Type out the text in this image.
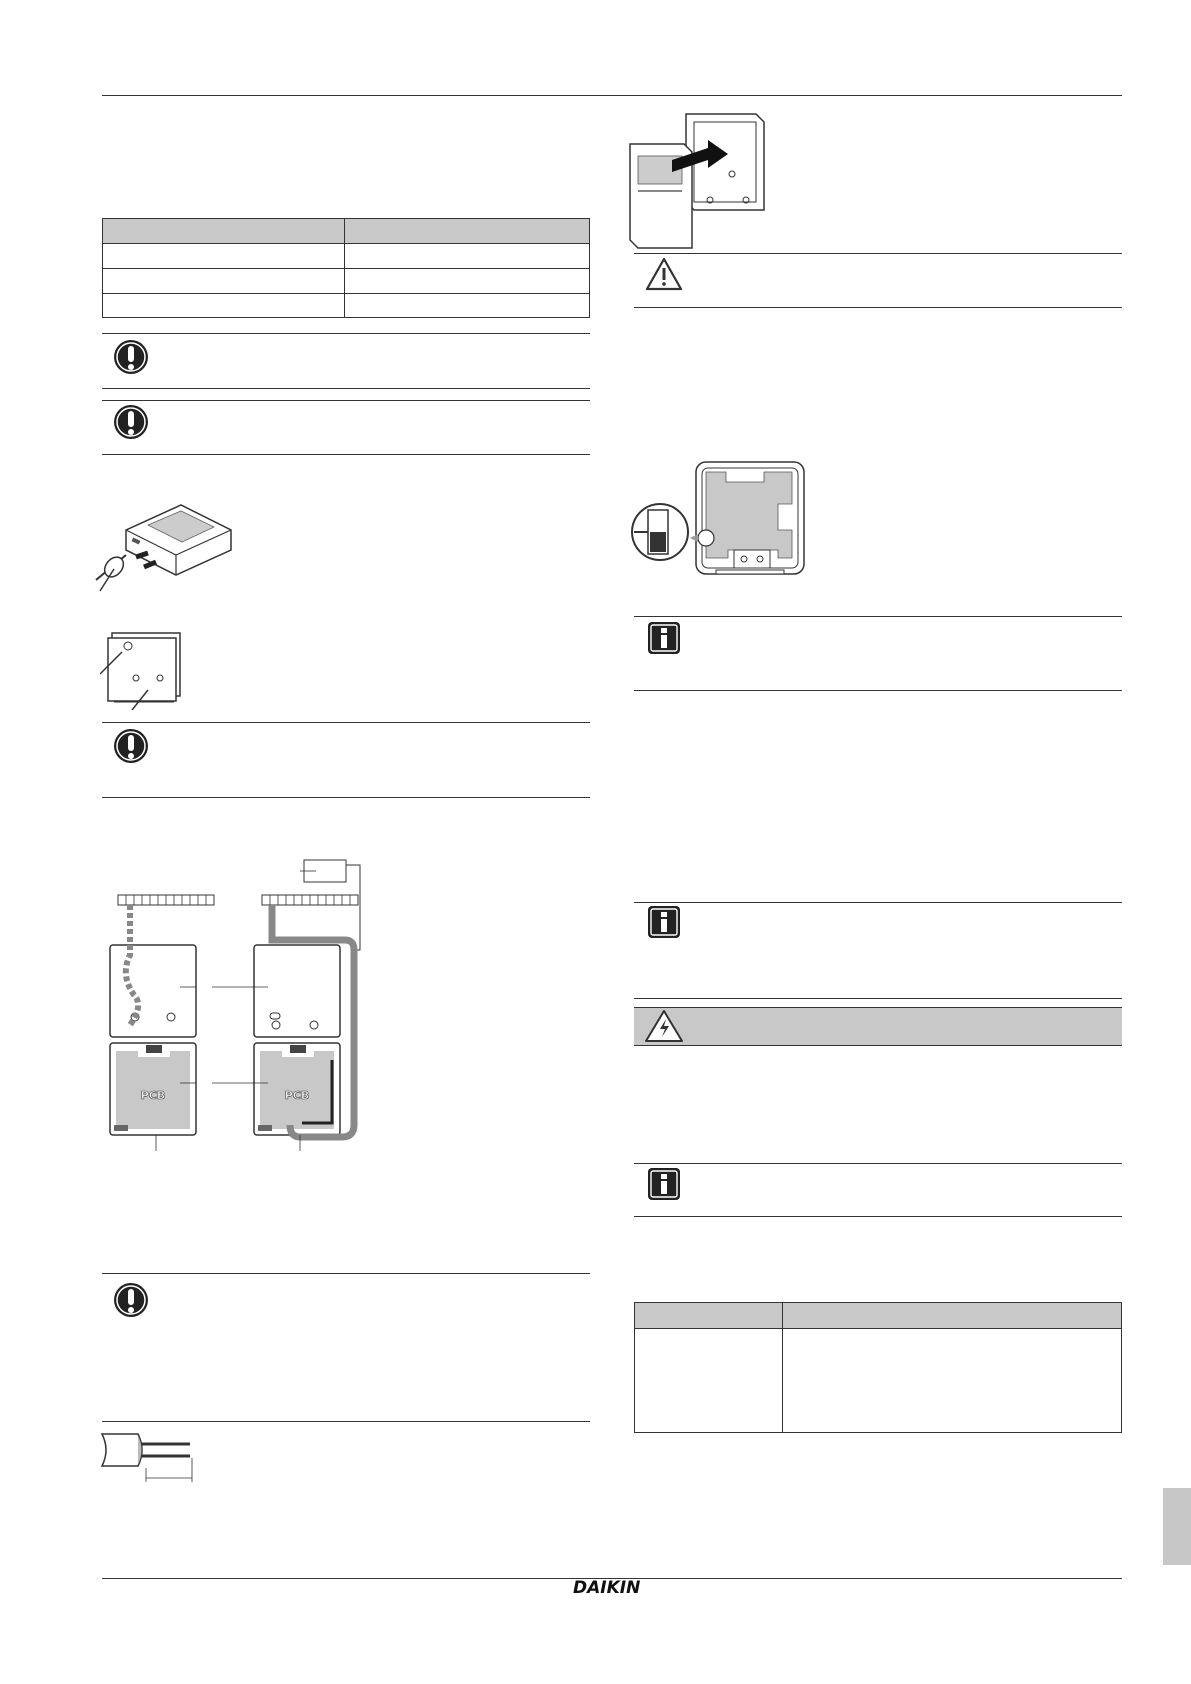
PCB	PCB

DAIKIN
